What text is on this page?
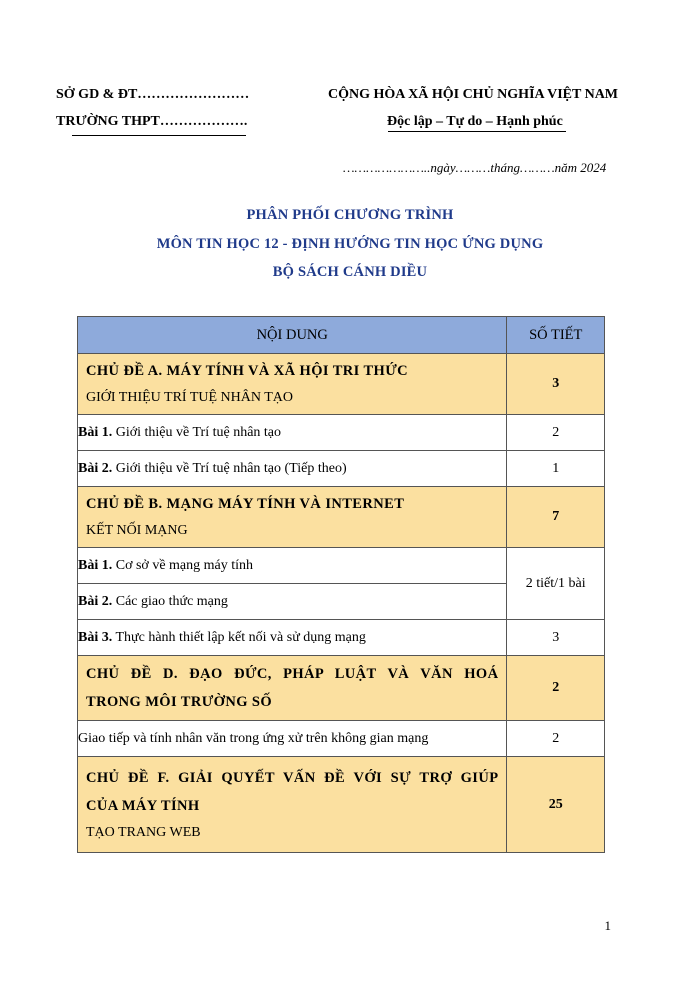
SỞ GD & ĐT……………………
TRƯỜNG THPT……………….
CỘNG HÒA XÃ HỘI CHỦ NGHĨA VIỆT NAM
Độc lập – Tự do – Hạnh phúc
…………………..ngày………tháng………năm 2024
PHÂN PHỐI CHƯƠNG TRÌNH
MÔN TIN HỌC 12 - ĐỊNH HƯỚNG TIN HỌC ỨNG DỤNG
BỘ SÁCH CÁNH DIỀU
NỘI DUNG	SỐ TIẾT

CHỦ ĐỀ A. MÁY TÍNH VÀ XÃ HỘI TRI THỨC
GIỚI THIỆU TRÍ TUỆ NHÂN TẠO	3
Bài 1. Giới thiệu về Trí tuệ nhân tạo	2
Bài 2. Giới thiệu về Trí tuệ nhân tạo (Tiếp theo)	1

CHỦ ĐỀ B. MẠNG MÁY TÍNH VÀ INTERNET
KẾT NỐI MẠNG	7
Bài 1. Cơ sở về mạng máy tính	2 tiết/1 bài
Bài 2. Các giao thức mạng	
Bài 3. Thực hành thiết lập kết nối và sử dụng mạng	3

CHỦ ĐỀ D. ĐẠO ĐỨC, PHÁP LUẬT VÀ VĂN HOÁ
TRONG MÔI TRƯỜNG SỐ	2
Giao tiếp và tính nhân văn trong ứng xử trên không gian mạng	2

CHỦ ĐỀ F. GIẢI QUYẾT VẤN ĐỀ VỚI SỰ TRỢ GIÚP
CỦA MÁY TÍNH
TẠO TRANG WEB	25
1
